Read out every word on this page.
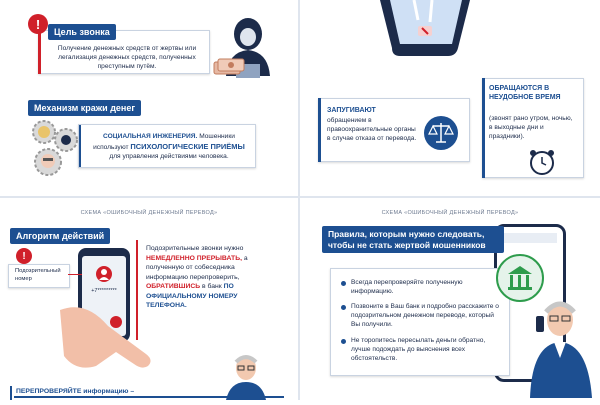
Получение денежных средств от жертвы или легализация денежных средств, полученных преступным путём.
Цель звонка
!
Механизм кражи денег
СОЦИАЛЬНАЯ ИНЖЕНЕРИЯ. Мошенники
используют ПСИХОЛОГИЧЕСКИЕ ПРИЁМЫ
для управления действиями человека.
ЗАПУГИВАЮТ
обращением в правоохранительные органы в случае отказа от перевода.
ОБРАЩАЮТСЯ В НЕУДОБНОЕ ВРЕМЯ
(звонят рано утром, ночью, в выходные дни и праздники).
СХЕМА «ОШИБОЧНЫЙ ДЕНЕЖНЫЙ ПЕРЕВОД»
Алгоритм действий
+7*********
Подозрительный номер
!
Подозрительные звонки нужно НЕМЕДЛЕННО ПРЕРЫВАТЬ, а полученную от собеседника информацию перепроверить, ОБРАТИВШИСЬ в банк ПО ОФИЦИАЛЬНОМУ НОМЕРУ ТЕЛЕФОНА.
ПЕРЕПРОВЕРЯЙТЕ информацию –
СХЕМА «ОШИБОЧНЫЙ ДЕНЕЖНЫЙ ПЕРЕВОД»
Правила, которым нужно следовать, чтобы не стать жертвой мошенников
Всегда перепроверяйте полученную информацию.
Позвоните в Ваш банк и подробно расскажите о подозрительном денежном переводе, который Вы получили.
Не торопитесь пересылать деньги обратно, лучше подождать до выяснения всех обстоятельств.
